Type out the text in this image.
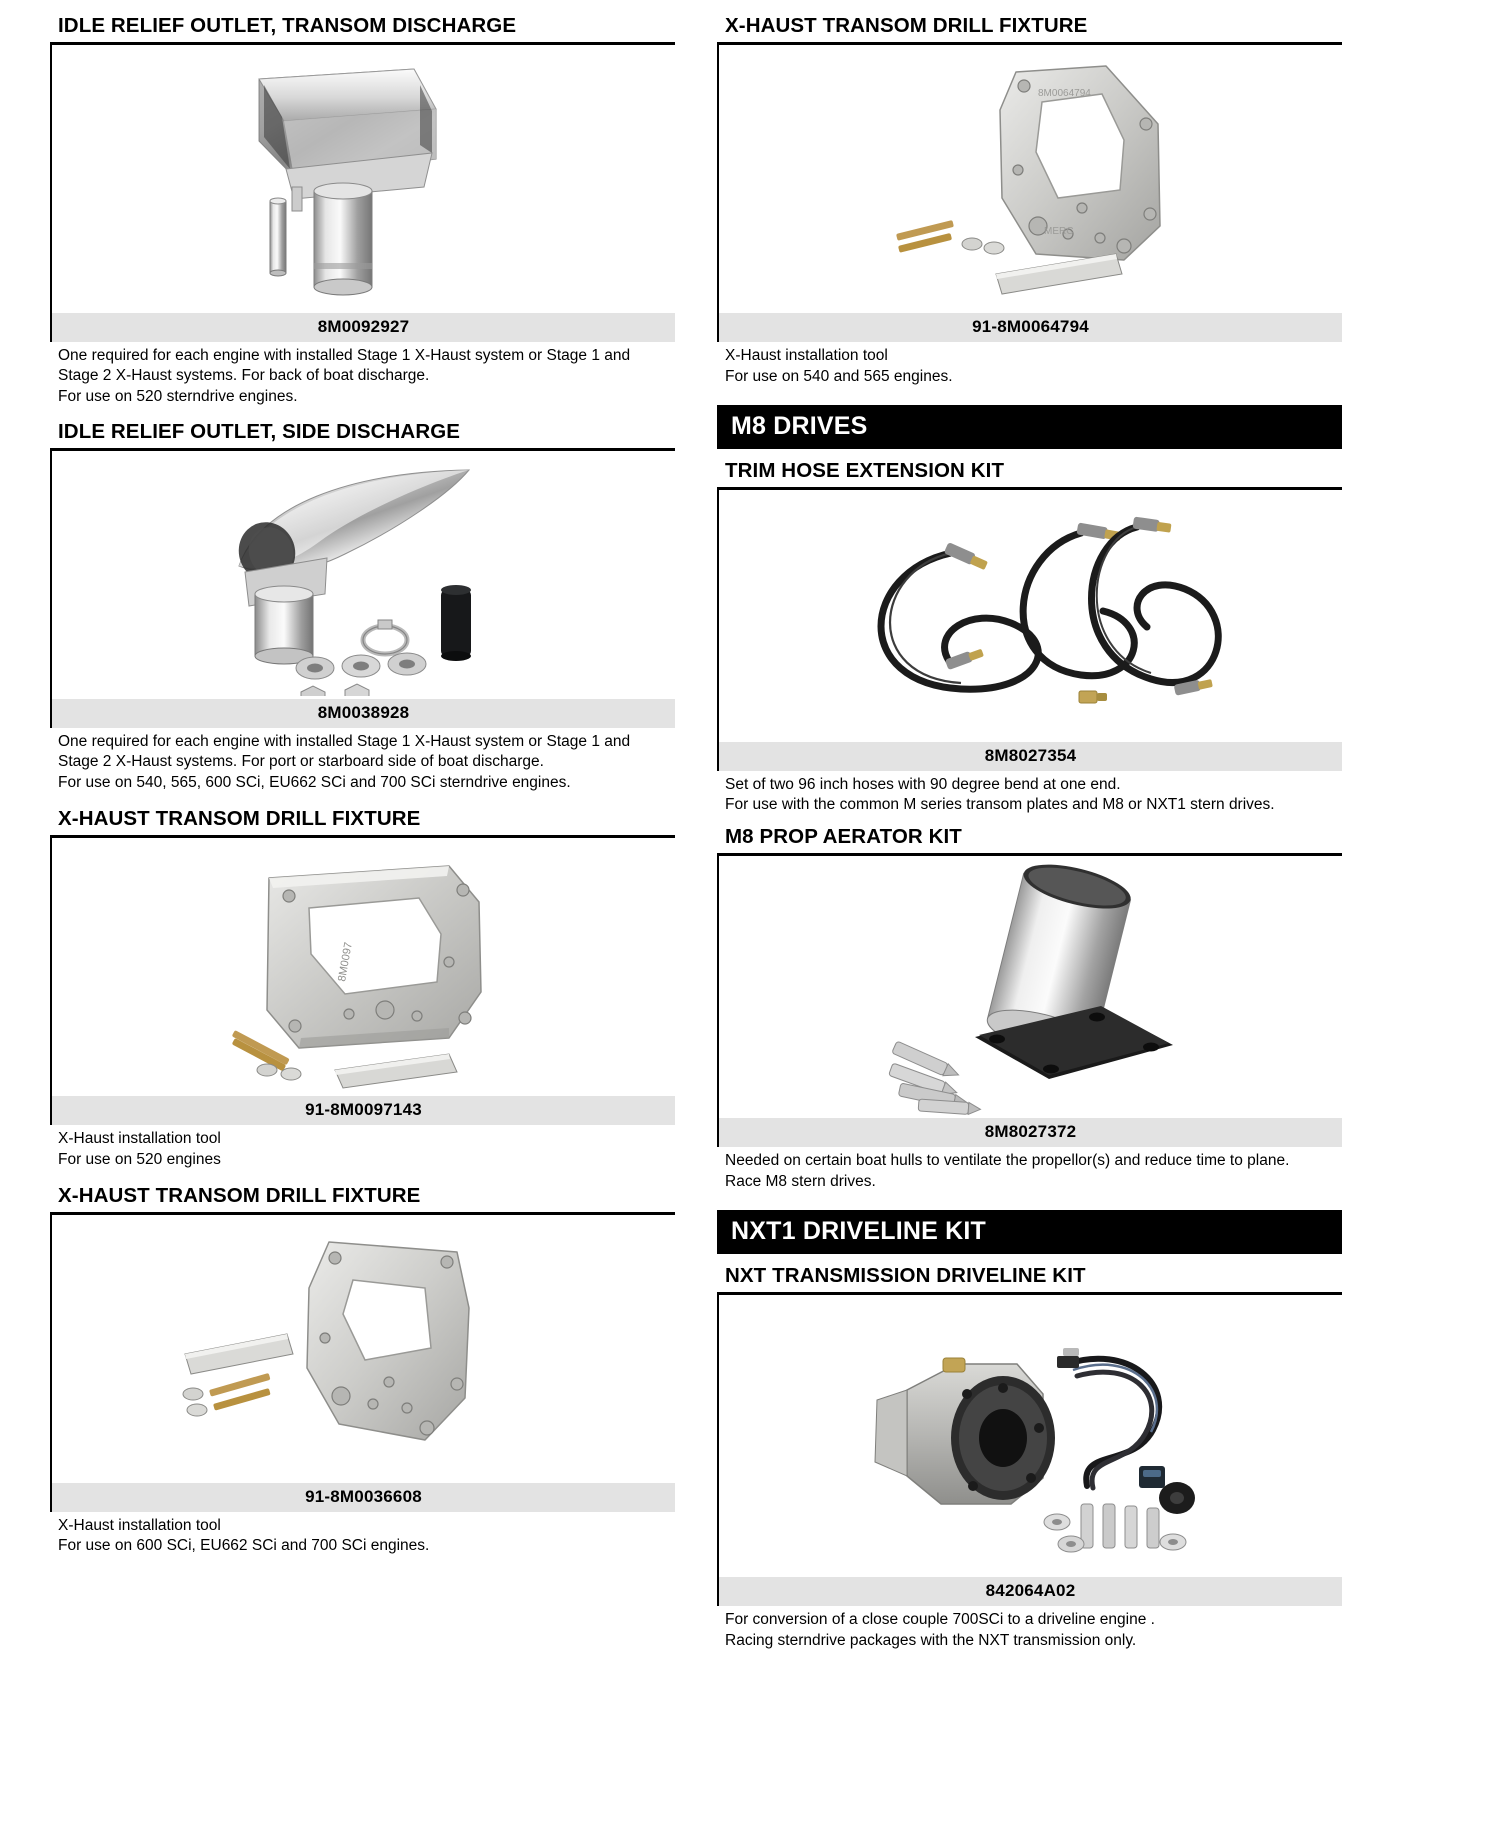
IDLE RELIEF OUTLET, TRANSOM DISCHARGE
8M0092927

One required for each engine with installed Stage 1 X-Haust system or Stage 1 and Stage 2 X-Haust systems. For back of boat discharge.

For use on 520 sterndrive engines.

IDLE RELIEF OUTLET, SIDE DISCHARGE
8M0038928

One required for each engine with installed Stage 1 X-Haust system or Stage 1 and Stage 2 X-Haust systems. For port or starboard side of boat discharge.

For use on 540, 565, 600 SCi, EU662 SCi and 700 SCi sterndrive engines.

X-HAUST TRANSOM DRILL FIXTURE
8M0097
91-8M0097143

X-Haust installation tool

For use on 520 engines

X-HAUST TRANSOM DRILL FIXTURE
91-8M0036608

X-Haust installation tool

For use on 600 SCi, EU662 SCi and 700 SCi engines.

X-HAUST TRANSOM DRILL FIXTURE
8M0064794
MERC
91-8M0064794

X-Haust installation tool

For use on 540 and 565 engines.

M8 DRIVES
TRIM HOSE EXTENSION KIT
8M8027354

Set of two 96 inch hoses with 90 degree bend at one end.

For use with the common M series transom plates and M8 or NXT1 stern drives.

M8 PROP AERATOR KIT
8M8027372

Needed on certain boat hulls to ventilate the propellor(s) and reduce time to plane.

Race M8 stern drives.

NXT1 DRIVELINE KIT
NXT TRANSMISSION DRIVELINE KIT
842064A02

For conversion of a close couple 700SCi to a driveline engine .

Racing sterndrive packages with the NXT transmission only.
